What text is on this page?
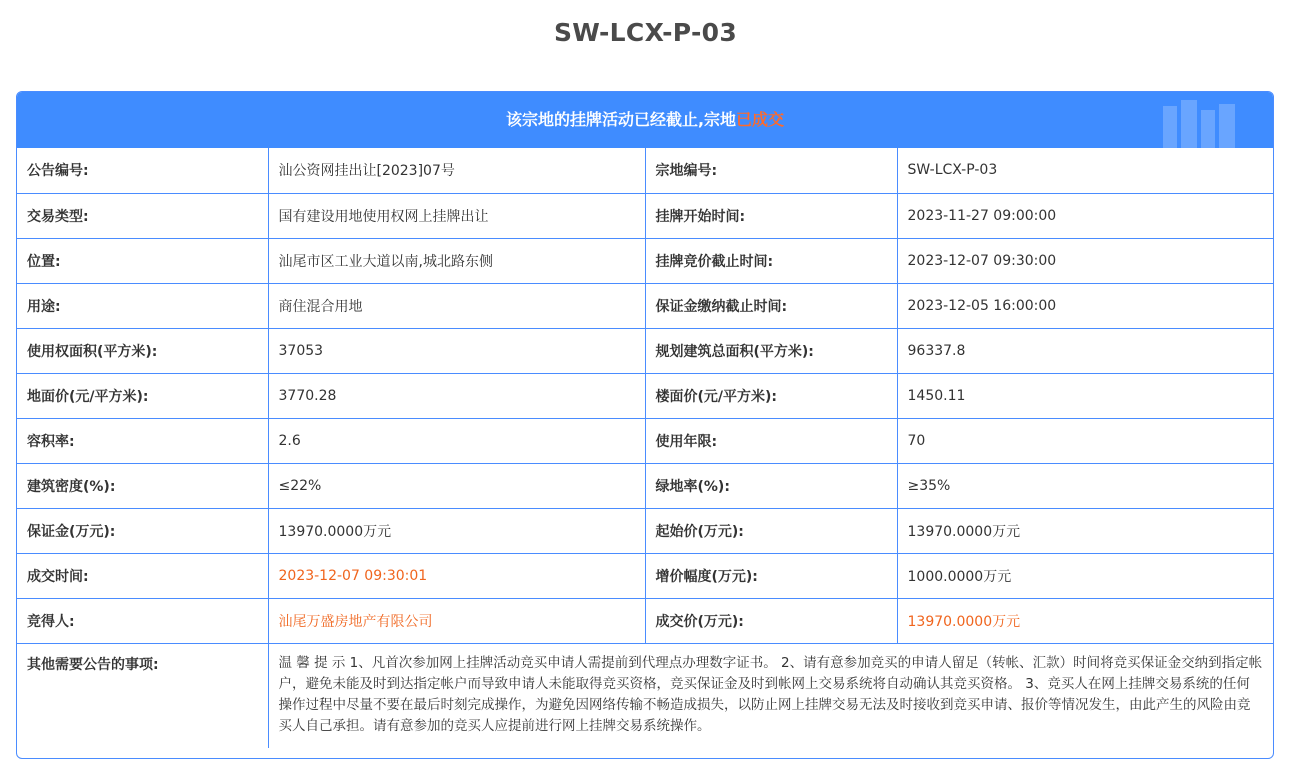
SW-LCX-P-03
该宗地的挂牌活动已经截止,宗地已成交
公告编号:	汕公资网挂出让[2023]07号	宗地编号:	SW-LCX-P-03
交易类型:	国有建设用地使用权网上挂牌出让	挂牌开始时间:	2023-11-27 09:00:00
位置:	汕尾市区工业大道以南,城北路东侧	挂牌竞价截止时间:	2023-12-07 09:30:00
用途:	商住混合用地	保证金缴纳截止时间:	2023-12-05 16:00:00
使用权面积(平方米):	37053	规划建筑总面积(平方米):	96337.8
地面价(元/平方米):	3770.28	楼面价(元/平方米):	1450.11
容积率:	2.6	使用年限:	70
建筑密度(%):	≤22%	绿地率(%):	≥35%
保证金(万元):	13970.0000万元	起始价(万元):	13970.0000万元
成交时间:	2023-12-07 09:30:01	增价幅度(万元):	1000.0000万元
竞得人:	汕尾万盛房地产有限公司	成交价(万元):	13970.0000万元
其他需要公告的事项:	温 馨 提 示 1、凡首次参加网上挂牌活动竞买申请人需提前到代理点办理数字证书。 2、请有意参加竞买的申请人留足（转帐、汇款）时间将竞买保证金交纳到指定帐户，避免未能及时到达指定帐户而导致申请人未能取得竞买资格，竞买保证金及时到帐网上交易系统将自动确认其竞买资格。 3、竞买人在网上挂牌交易系统的任何操作过程中尽量不要在最后时刻完成操作，为避免因网络传输不畅造成损失，以防止网上挂牌交易无法及时接收到竞买申请、报价等情况发生，由此产生的风险由竞买人自己承担。请有意参加的竞买人应提前进行网上挂牌交易系统操作。		
